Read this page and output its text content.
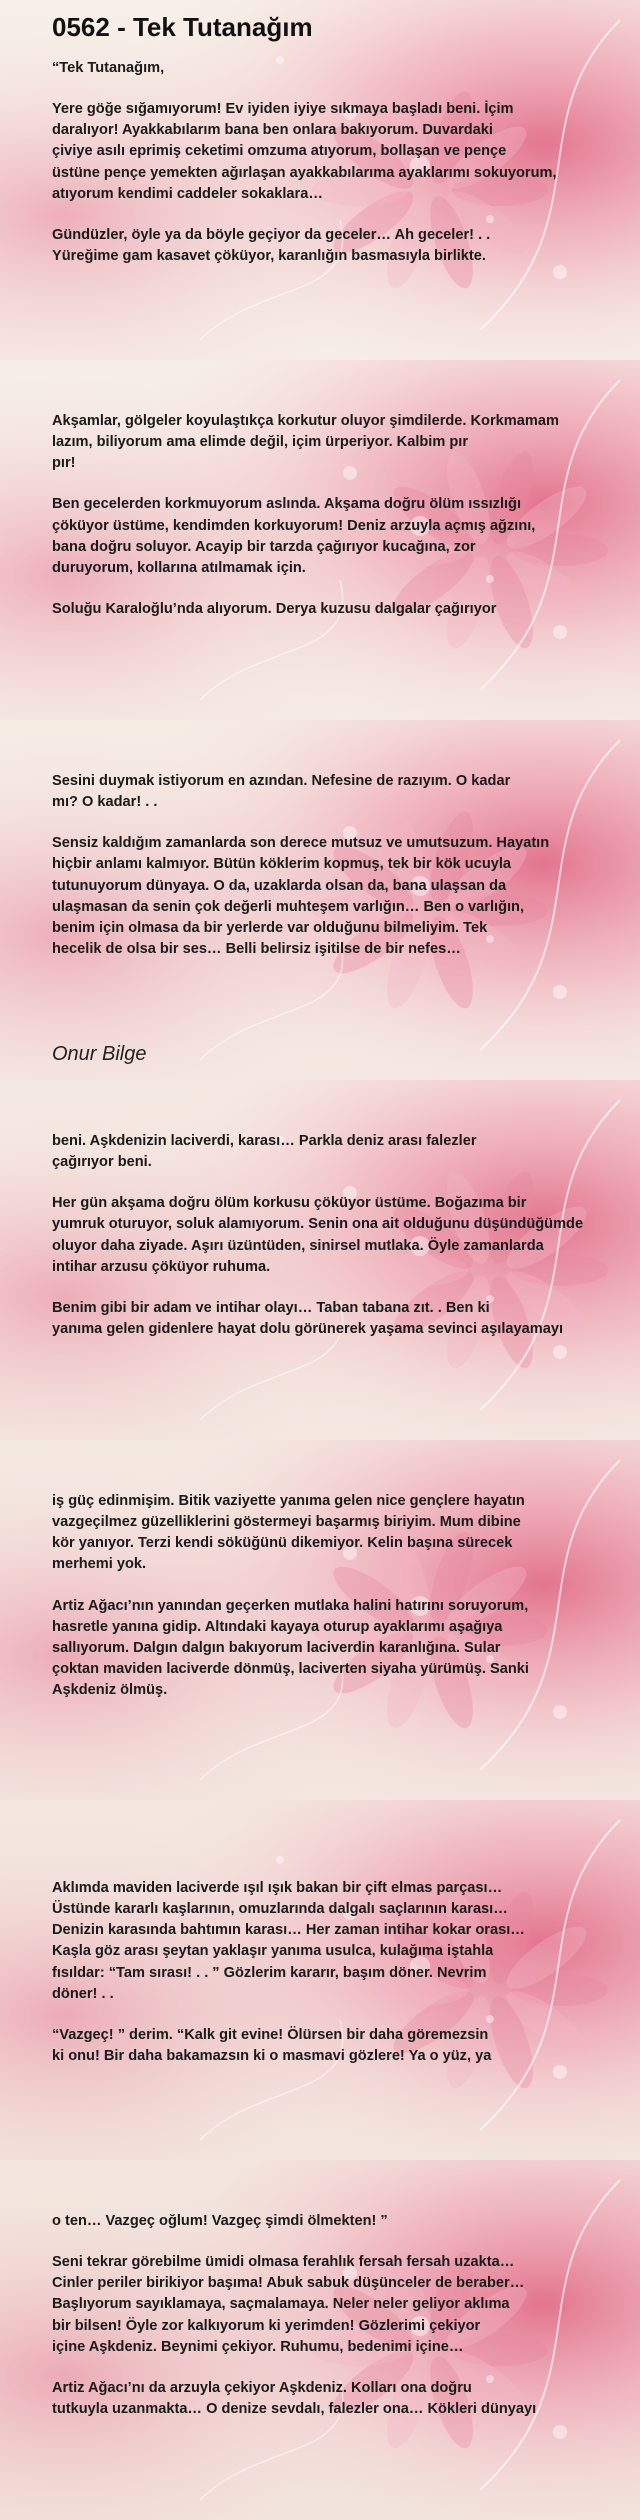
0562 - Tek Tutanağım

“Tek Tutanağım,

Yere göğe sığamıyorum! Ev iyiden iyiye sıkmaya başladı beni. İçim
daralıyor! Ayakkabılarım bana ben onlara bakıyorum. Duvardaki
çiviye asılı eprimiş ceketimi omzuma atıyorum, bollaşan ve pençe
üstüne pençe yemekten ağırlaşan ayakkabılarıma ayaklarımı sokuyorum,
atıyorum kendimi caddeler sokaklara…

Gündüzler, öyle ya da böyle geçiyor da geceler… Ah geceler! . .
Yüreğime gam kasavet çöküyor, karanlığın basmasıyla birlikte.

Akşamlar, gölgeler koyulaştıkça korkutur oluyor şimdilerde. Korkmamam
lazım, biliyorum ama elimde değil, içim ürperiyor. Kalbim pır
pır!

Ben gecelerden korkmuyorum aslında. Akşama doğru ölüm ıssızlığı
çöküyor üstüme, kendimden korkuyorum! Deniz arzuyla açmış ağzını,
bana doğru soluyor. Acayip bir tarzda çağırıyor kucağına, zor
duruyorum, kollarına atılmamak için.

Soluğu Karaloğlu’nda alıyorum. Derya kuzusu dalgalar çağırıyor

Sesini duymak istiyorum en azından. Nefesine de razıyım. O kadar
mı? O kadar! . .

Sensiz kaldığım zamanlarda son derece mutsuz ve umutsuzum. Hayatın
hiçbir anlamı kalmıyor. Bütün köklerim kopmuş, tek bir kök ucuyla
tutunuyorum dünyaya. O da, uzaklarda olsan da, bana ulaşsan da
ulaşmasan da senin çok değerli muhteşem varlığın… Ben o varlığın,
benim için olmasa da bir yerlerde var olduğunu bilmeliyim. Tek
hecelik de olsa bir ses… Belli belirsiz işitilse de bir nefes…

Onur Bilge

beni. Aşkdenizin laciverdi, karası… Parkla deniz arası falezler
çağırıyor beni.

Her gün akşama doğru ölüm korkusu çöküyor üstüme. Boğazıma bir
yumruk oturuyor, soluk alamıyorum. Senin ona ait olduğunu düşündüğümde
oluyor daha ziyade. Aşırı üzüntüden, sinirsel mutlaka. Öyle zamanlarda
intihar arzusu çöküyor ruhuma.

Benim gibi bir adam ve intihar olayı… Taban tabana zıt. . Ben ki
yanıma gelen gidenlere hayat dolu görünerek yaşama sevinci aşılayamayı

iş güç edinmişim. Bitik vaziyette yanıma gelen nice gençlere hayatın
vazgeçilmez güzelliklerini göstermeyi başarmış biriyim. Mum dibine
kör yanıyor. Terzi kendi söküğünü dikemiyor. Kelin başına sürecek
merhemi yok.

Artiz Ağacı’nın yanından geçerken mutlaka halini hatırını soruyorum,
hasretle yanına gidip. Altındaki kayaya oturup ayaklarımı aşağıya
sallıyorum. Dalgın dalgın bakıyorum laciverdin karanlığına. Sular
çoktan maviden laciverde dönmüş, laciverten siyaha yürümüş. Sanki
Aşkdeniz ölmüş.

Aklımda maviden laciverde ışıl ışık bakan bir çift elmas parçası…
Üstünde kararlı kaşlarının, omuzlarında dalgalı saçlarının karası…
Denizin karasında bahtımın karası… Her zaman intihar kokar orası…
Kaşla göz arası şeytan yaklaşır yanıma usulca, kulağıma iştahla
fısıldar: “Tam sırası! . . ” Gözlerim kararır, başım döner. Nevrim
döner! . .

“Vazgeç! ” derim. “Kalk git evine! Ölürsen bir daha göremezsin
ki onu! Bir daha bakamazsın ki o masmavi gözlere! Ya o yüz, ya

o ten… Vazgeç oğlum! Vazgeç şimdi ölmekten! ”

Seni tekrar görebilme ümidi olmasa ferahlık fersah fersah uzakta…
Cinler periler birikiyor başıma! Abuk sabuk düşünceler de beraber…
Başlıyorum sayıklamaya, saçmalamaya. Neler neler geliyor aklıma
bir bilsen! Öyle zor kalkıyorum ki yerimden! Gözlerimi çekiyor
içine Aşkdeniz. Beynimi çekiyor. Ruhumu, bedenimi içine…

Artiz Ağacı’nı da arzuyla çekiyor Aşkdeniz. Kolları ona doğru
tutkuyla uzanmakta… O denize sevdalı, falezler ona… Kökleri dünyayı
